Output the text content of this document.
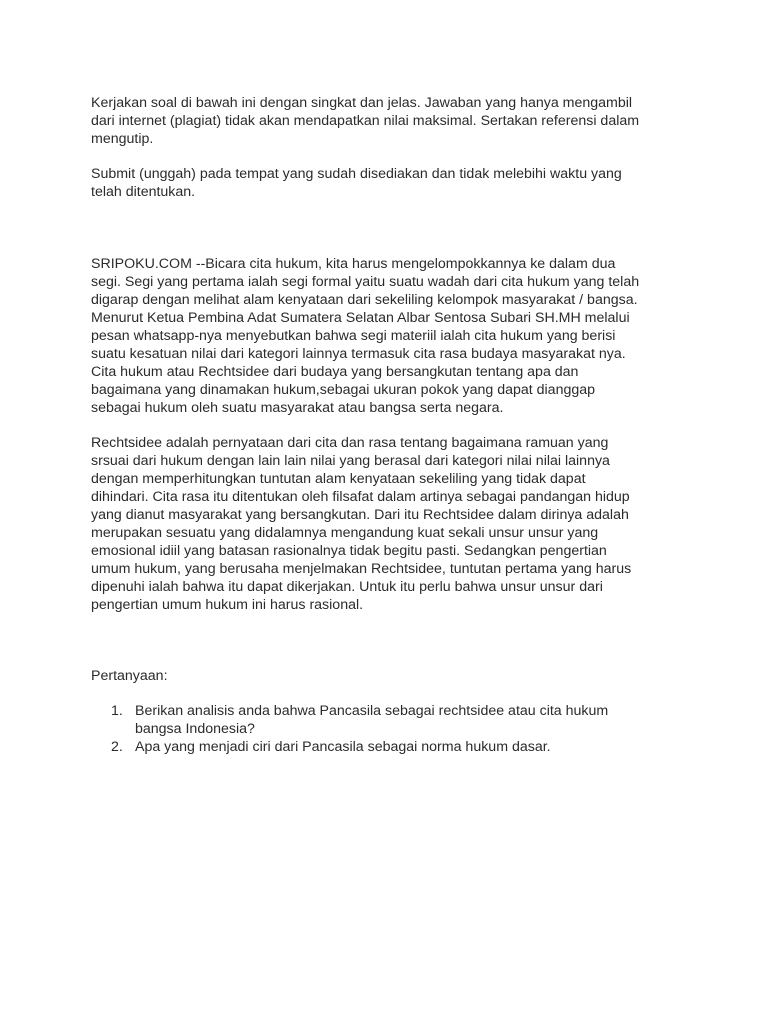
Kerjakan soal di bawah ini dengan singkat dan jelas. Jawaban yang hanya mengambil
dari internet (plagiat) tidak akan mendapatkan nilai maksimal. Sertakan referensi dalam
mengutip.

Submit (unggah) pada tempat yang sudah disediakan dan tidak melebihi waktu yang
telah ditentukan.

SRIPOKU.COM --Bicara cita hukum, kita harus mengelompokkannya ke dalam dua
segi. Segi yang pertama ialah segi formal yaitu suatu wadah dari cita hukum yang telah
digarap dengan melihat alam kenyataan dari sekeliling kelompok masyarakat / bangsa.
Menurut Ketua Pembina Adat Sumatera Selatan Albar Sentosa Subari SH.MH melalui
pesan whatsapp-nya menyebutkan bahwa segi materiil ialah cita hukum yang berisi
suatu kesatuan nilai dari kategori lainnya termasuk cita rasa budaya masyarakat nya.
Cita hukum atau Rechtsidee dari budaya yang bersangkutan tentang apa dan
bagaimana yang dinamakan hukum,sebagai ukuran pokok yang dapat dianggap
sebagai hukum oleh suatu masyarakat atau bangsa serta negara.

Rechtsidee adalah pernyataan dari cita dan rasa tentang bagaimana ramuan yang
srsuai dari hukum dengan lain lain nilai yang berasal dari kategori nilai nilai lainnya
dengan memperhitungkan tuntutan alam kenyataan sekeliling yang tidak dapat
dihindari. Cita rasa itu ditentukan oleh filsafat dalam artinya sebagai pandangan hidup
yang dianut masyarakat yang bersangkutan. Dari itu Rechtsidee dalam dirinya adalah
merupakan sesuatu yang didalamnya mengandung kuat sekali unsur unsur yang
emosional idiil yang batasan rasionalnya tidak begitu pasti. Sedangkan pengertian
umum hukum, yang berusaha menjelmakan Rechtsidee, tuntutan pertama yang harus
dipenuhi ialah bahwa itu dapat dikerjakan. Untuk itu perlu bahwa unsur unsur dari
pengertian umum hukum ini harus rasional.

Pertanyaan:

1. Berikan analisis anda bahwa Pancasila sebagai rechtsidee atau cita hukum
bangsa Indonesia?
2. Apa yang menjadi ciri dari Pancasila sebagai norma hukum dasar.
